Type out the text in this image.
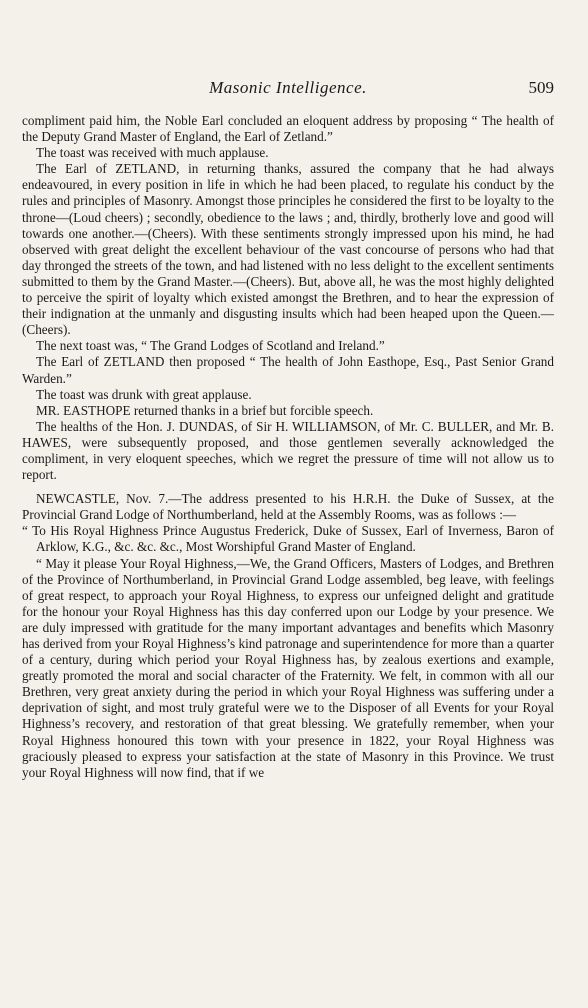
Masonic Intelligence.	509

compliment paid him, the Noble Earl concluded an eloquent address by proposing “ The health of the Deputy Grand Master of England, the Earl of Zetland.”

The toast was received with much applause.

The Earl of ZETLAND, in returning thanks, assured the company that he had always endeavoured, in every position in life in which he had been placed, to regulate his conduct by the rules and principles of Masonry. Amongst those principles he considered the first to be loyalty to the throne—(Loud cheers) ; secondly, obedience to the laws ; and, thirdly, brotherly love and good will towards one another.—(Cheers). With these sentiments strongly impressed upon his mind, he had observed with great delight the excellent behaviour of the vast concourse of persons who had that day thronged the streets of the town, and had listened with no less delight to the excellent sentiments submitted to them by the Grand Master.—(Cheers). But, above all, he was the most highly delighted to perceive the spirit of loyalty which existed amongst the Brethren, and to hear the expression of their indignation at the unmanly and disgusting insults which had been heaped upon the Queen.—(Cheers).

The next toast was, “ The Grand Lodges of Scotland and Ireland.”

The Earl of ZETLAND then proposed “ The health of John Easthope, Esq., Past Senior Grand Warden.”

The toast was drunk with great applause.

MR. EASTHOPE returned thanks in a brief but forcible speech.

The healths of the Hon. J. DUNDAS, of Sir H. WILLIAMSON, of Mr. C. BULLER, and Mr. B. HAWES, were subsequently proposed, and those gentlemen severally acknowledged the compliment, in very eloquent speeches, which we regret the pressure of time will not allow us to report.

NEWCASTLE, Nov. 7.—The address presented to his H.R.H. the Duke of Sussex, at the Provincial Grand Lodge of Northumberland, held at the Assembly Rooms, was as follows :—

“ To His Royal Highness Prince Augustus Frederick, Duke of Sussex, Earl of Inverness, Baron of Arklow, K.G., &c. &c. &c., Most Worshipful Grand Master of England.

“ May it please Your Royal Highness,—We, the Grand Officers, Masters of Lodges, and Brethren of the Province of Northumberland, in Provincial Grand Lodge assembled, beg leave, with feelings of great respect, to approach your Royal Highness, to express our unfeigned delight and gratitude for the honour your Royal Highness has this day conferred upon our Lodge by your presence. We are duly impressed with gratitude for the many important advantages and benefits which Masonry has derived from your Royal Highness’s kind patronage and superintendence for more than a quarter of a century, during which period your Royal Highness has, by zealous exertions and example, greatly promoted the moral and social character of the Fraternity. We felt, in common with all our Brethren, very great anxiety during the period in which your Royal Highness was suffering under a deprivation of sight, and most truly grateful were we to the Disposer of all Events for your Royal Highness’s recovery, and restoration of that great blessing. We gratefully remember, when your Royal Highness honoured this town with your presence in 1822, your Royal Highness was graciously pleased to express your satisfaction at the state of Masonry in this Province. We trust your Royal Highness will now find, that if we
